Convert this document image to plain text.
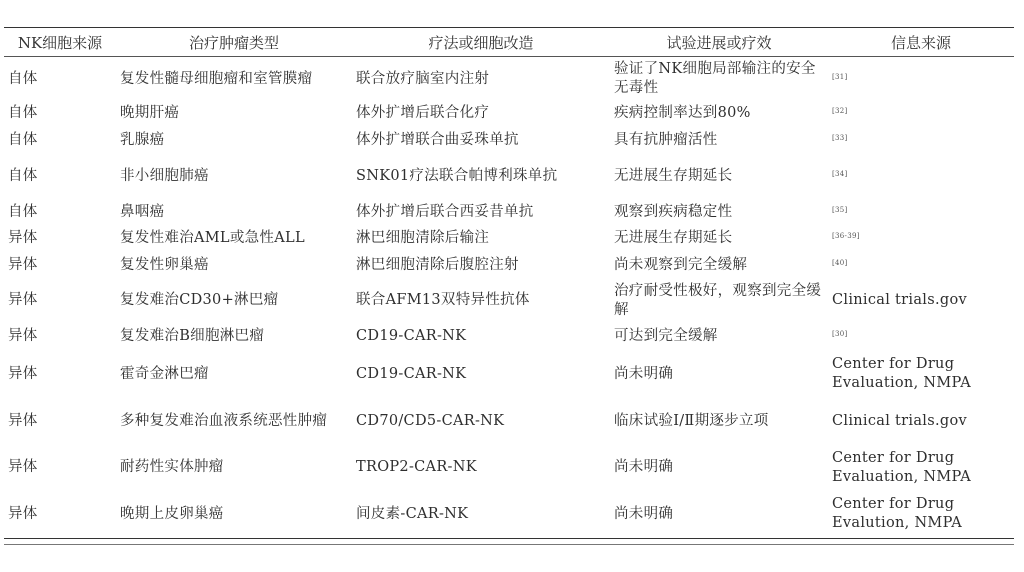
NK细胞来源	治疗肿瘤类型	疗法或细胞改造	试验进展或疗效	信息来源
自体	复发性髓母细胞瘤和室管膜瘤	联合放疗脑室内注射	验证了NK细胞局部输注的安全无毒性	[31]
自体	晚期肝癌	体外扩增后联合化疗	疾病控制率达到80%	[32]
自体	乳腺癌	体外扩增联合曲妥珠单抗	具有抗肿瘤活性	[33]
自体	非小细胞肺癌	SNK01疗法联合帕博利珠单抗	无进展生存期延长	[34]
自体	鼻咽癌	体外扩增后联合西妥昔单抗	观察到疾病稳定性	[35]
异体	复发性难治AML或急性ALL	淋巴细胞清除后输注	无进展生存期延长	[36-39]
异体	复发性卵巢癌	淋巴细胞清除后腹腔注射	尚未观察到完全缓解	[40]
异体	复发难治CD30+淋巴瘤	联合AFM13双特异性抗体	治疗耐受性极好，观察到完全缓解	Clinical trials.gov
异体	复发难治B细胞淋巴瘤	CD19-CAR-NK	可达到完全缓解	[30]
异体	霍奇金淋巴瘤	CD19-CAR-NK	尚未明确	Center for Drug Evaluation, NMPA
异体	多种复发难治血液系统恶性肿瘤	CD70/CD5-CAR-NK	临床试验Ⅰ/Ⅱ期逐步立项	Clinical trials.gov
异体	耐药性实体肿瘤	TROP2-CAR-NK	尚未明确	Center for Drug Evaluation, NMPA
异体	晚期上皮卵巢癌	间皮素-CAR-NK	尚未明确	Center for Drug Evalution, NMPA
